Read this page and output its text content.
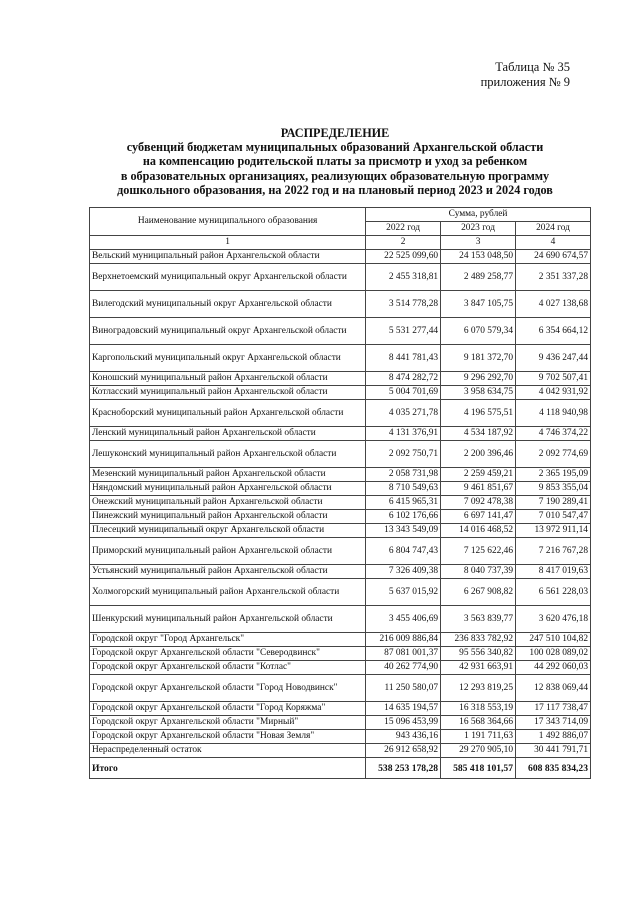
Таблица № 35
приложения № 9
РАСПРЕДЕЛЕНИЕ
субвенций бюджетам муниципальных образований Архангельской области
на компенсацию родительской платы за присмотр и уход за ребенком
в образовательных организациях, реализующих образовательную программу
дошкольного образования, на 2022 год и на плановый период 2023 и 2024 годов
Наименование муниципального образования	Сумма, рублей		
	2022 год	2023 год	2024 год
1	2	3	4
Вельский муниципальный район Архангельской области	22 525 099,60	24 153 048,50	24 690 674,57
Верхнетоемский муниципальный округ Архангельской области	2 455 318,81	2 489 258,77	2 351 337,28
Вилегодский муниципальный округ Архангельской области	3 514 778,28	3 847 105,75	4 027 138,68
Виноградовский муниципальный округ Архангельской области	5 531 277,44	6 070 579,34	6 354 664,12
Каргопольский муниципальный округ Архангельской области	8 441 781,43	9 181 372,70	9 436 247,44
Коношский муниципальный район Архангельской области	8 474 282,72	9 296 292,70	9 702 507,41
Котласский муниципальный район Архангельской области	5 004 701,69	3 958 634,75	4 042 931,92
Красноборский муниципальный район Архангельской области	4 035 271,78	4 196 575,51	4 118 940,98
Ленский муниципальный район Архангельской области	4 131 376,91	4 534 187,92	4 746 374,22
Лешуконский муниципальный район Архангельской области	2 092 750,71	2 200 396,46	2 092 774,69
Мезенский муниципальный район Архангельской области	2 058 731,98	2 259 459,21	2 365 195,09
Няндомский муниципальный район Архангельской области	8 710 549,63	9 461 851,67	9 853 355,04
Онежский муниципальный район Архангельской области	6 415 965,31	7 092 478,38	7 190 289,41
Пинежский муниципальный район Архангельской области	6 102 176,66	6 697 141,47	7 010 547,47
Плесецкий муниципальный округ Архангельской области	13 343 549,09	14 016 468,52	13 972 911,14
Приморский муниципальный район Архангельской области	6 804 747,43	7 125 622,46	7 216 767,28
Устьянский муниципальный район Архангельской области	7 326 409,38	8 040 737,39	8 417 019,63
Холмогорский муниципальный район Архангельской области	5 637 015,92	6 267 908,82	6 561 228,03
Шенкурский муниципальный район Архангельской области	3 455 406,69	3 563 839,77	3 620 476,18
Городской округ "Город Архангельск"	216 009 886,84	236 833 782,92	247 510 104,82
Городской округ Архангельской области "Северодвинск"	87 081 001,37	95 556 340,82	100 028 089,02
Городской округ Архангельской области "Котлас"	40 262 774,90	42 931 663,91	44 292 060,03
Городской округ Архангельской области "Город Новодвинск"	11 250 580,07	12 293 819,25	12 838 069,44
Городской округ Архангельской области "Город Коряжма"	14 635 194,57	16 318 553,19	17 117 738,47
Городской округ Архангельской области "Мирный"	15 096 453,99	16 568 364,66	17 343 714,09
Городской округ Архангельской области "Новая Земля"	943 436,16	1 191 711,63	1 492 886,07
Нераспределенный остаток	26 912 658,92	29 270 905,10	30 441 791,71
Итого	538 253 178,28	585 418 101,57	608 835 834,23
